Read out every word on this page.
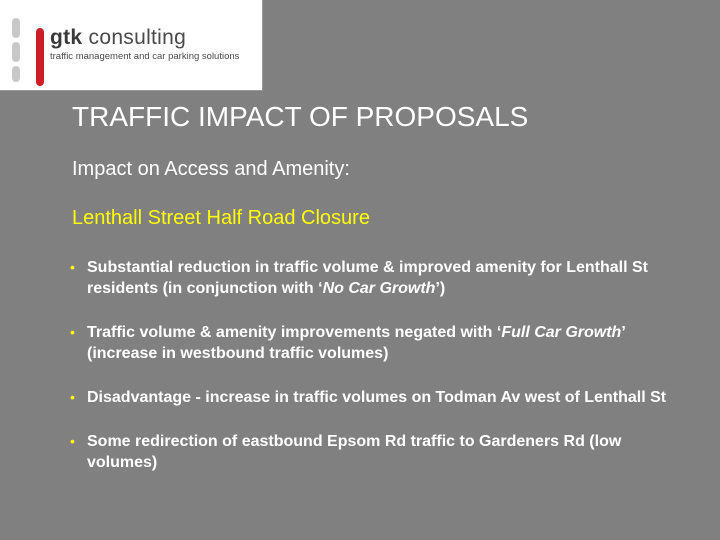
gtk consulting
traffic management and car parking solutions
TRAFFIC IMPACT OF PROPOSALS
Impact on Access and Amenity:
Lenthall Street Half Road Closure
• Substantial reduction in traffic volume & improved amenity for Lenthall St residents (in conjunction with ‘No Car Growth’)
• Traffic volume & amenity improvements negated with ‘Full Car Growth’ (increase in westbound traffic volumes)
• Disadvantage - increase in traffic volumes on Todman Av west of Lenthall St
• Some redirection of eastbound Epsom Rd traffic to Gardeners Rd (low volumes)
